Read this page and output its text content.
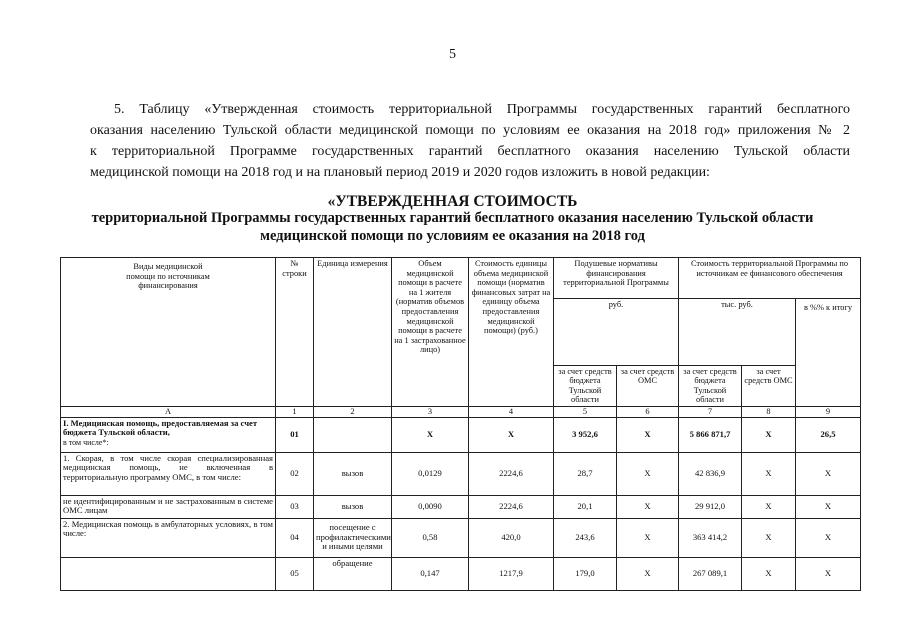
5

5. Таблицу «Утвержденная стоимость территориальной Программы государственных гарантий бесплатного
оказания населению Тульской области медицинской помощи по условиям ее оказания на 2018 год» приложения № 2
к территориальной Программе государственных гарантий бесплатного оказания населению Тульской области
медицинской помощи на 2018 год и на плановый период 2019 и 2020 годов изложить в новой редакции:

«УТВЕРЖДЕННАЯ СТОИМОСТЬ
территориальной Программы государственных гарантий бесплатного оказания населению Тульской области
медицинской помощи по условиям ее оказания на 2018 год
Виды медицинской помощи по источникам финансирования	№ строки	Единица измерения	Объем медицинской помощи в расчете на 1 жителя (норматив объемов предоставления медицинской помощи в расчете на 1 застрахованное лицо)	Стоимость единицы объема медицинской помощи (норматив финансовых затрат на единицу объема предоставления медицинской помощи) (руб.)	Подушевые нормативы финансирования территориальной Программы		Стоимость территориальной Программы по источникам ее финансового обеспечения		
					руб.		тыс. руб.		в %% к итогу
					за счет средств бюджета Тульской области	за счет средств ОМС	за счет средств бюджета Тульской области	за счет средств ОМС	
А	1	2	3	4	5	6	7	8	9
I. Медицинская помощь, предоставляемая за счет бюджета Тульской области,
в том числе*:	01		Х	Х	3 952,6	Х	5 866 871,7	Х	26,5
1. Скорая, в том числе скорая специализированная медицинская помощь, не включенная в территориальную программу ОМС, в том числе:	02	вызов	0,0129	2224,6	28,7	Х	42 836,9	Х	Х
не идентифицированным и не застрахованным в системе ОМС лицам	03	вызов	0,0090	2224,6	20,1	Х	29 912,0	Х	Х
2. Медицинская помощь в амбулаторных условиях, в том числе:	04	посещение с профилактическими и иными целями	0,58	420,0	243,6	Х	363 414,2	Х	Х
	05	обращение	0,147	1217,9	179,0	Х	267 089,1	Х	Х
